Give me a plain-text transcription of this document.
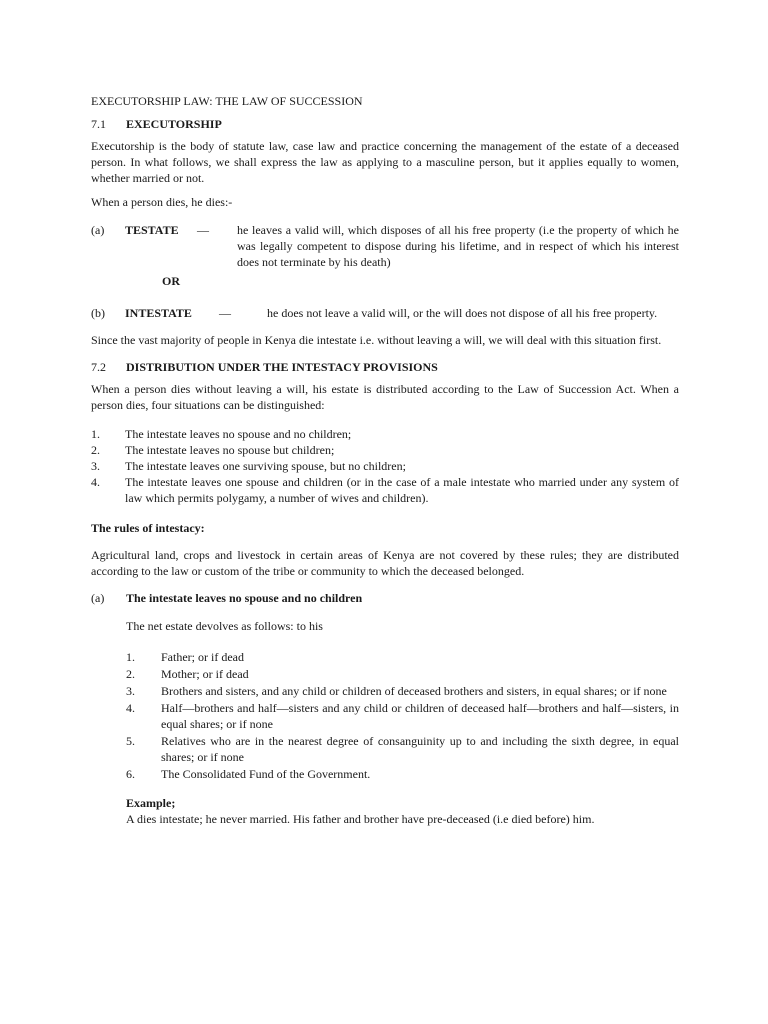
EXECUTORSHIP LAW: THE LAW OF SUCCESSION
7.1	EXECUTORSHIP

Executorship is the body of statute law, case law and practice concerning the management of the estate of a deceased person. In what follows, we shall express the law as applying to a masculine person, but it applies equally to women, whether married or not.

When a person dies, he dies:-

(a) TESTATE — he leaves a valid will, which disposes of all his free property (i.e the property of which he was legally competent to dispose during his lifetime, and in respect of which his interest does not terminate by his death)
OR
(b) INTESTATE —	he does not leave a valid will, or the will does not dispose of all his free property.

Since the vast majority of people in Kenya die intestate i.e. without leaving a will, we will deal with this situation first.

7.2	DISTRIBUTION UNDER THE INTESTACY PROVISIONS

When a person dies without leaving a will, his estate is distributed according to the Law of Succession Act. When a person dies, four situations can be distinguished:

1.	The intestate leaves no spouse and no children;
2.	The intestate leaves no spouse but children;
3.	The intestate leaves one surviving spouse, but no children;
4.	The intestate leaves one spouse and children (or in the case of a male intestate who married under any system of law which permits polygamy, a number of wives and children).
The rules of intestacy:

Agricultural land, crops and livestock in certain areas of Kenya are not covered by these rules; they are distributed according to the law or custom of the tribe or community to which the deceased belonged.

(a)	The intestate leaves no spouse and no children

The net estate devolves as follows: to his

1.	Father; or if dead
2.	Mother; or if dead
3.	Brothers and sisters, and any child or children of deceased brothers and sisters, in equal shares; or if none
4.	Half—brothers and half—sisters and any child or children of deceased half—brothers and half—sisters, in equal shares; or if none
5.	Relatives who are in the nearest degree of consanguinity up to and including the sixth degree, in equal shares; or if none
6.	The Consolidated Fund of the Government.
Example;

A dies intestate; he never married. His father and brother have pre-deceased (i.e died before) him.
